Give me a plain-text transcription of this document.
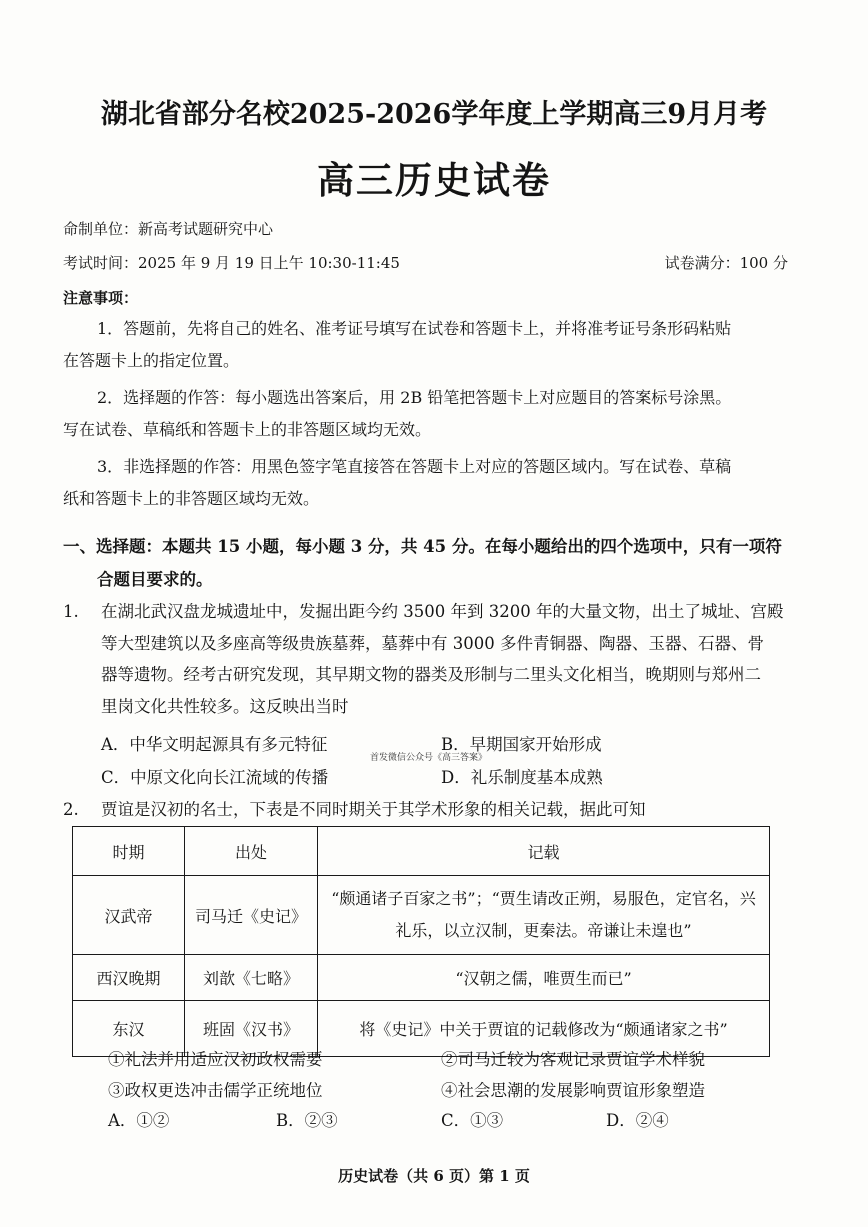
湖北省部分名校2025-2026学年度上学期高三9月月考
高三历史试卷
命制单位：新高考试题研究中心
考试时间：2025 年 9 月 19 日上午 10:30-11:45	试卷满分：100 分
注意事项：
1．答题前，先将自己的姓名、准考证号填写在试卷和答题卡上，并将准考证号条形码粘贴
在答题卡上的指定位置。
2．选择题的作答：每小题选出答案后，用 2B 铅笔把答题卡上对应题目的答案标号涂黑。
写在试卷、草稿纸和答题卡上的非答题区域均无效。
3．非选择题的作答：用黑色签字笔直接答在答题卡上对应的答题区域内。写在试卷、草稿
纸和答题卡上的非答题区域均无效。
一、选择题：本题共 15 小题，每小题 3 分，共 45 分。在每小题给出的四个选项中，只有一项符
合题目要求的。
1. 在湖北武汉盘龙城遗址中，发掘出距今约 3500 年到 3200 年的大量文物，出土了城址、宫殿
等大型建筑以及多座高等级贵族墓葬，墓葬中有 3000 多件青铜器、陶器、玉器、石器、骨
器等遗物。经考古研究发现，其早期文物的器类及形制与二里头文化相当，晚期则与郑州二
里岗文化共性较多。这反映出当时
A．中华文明起源具有多元特征	B．早期国家开始形成
首发微信公众号《高三答案》
C．中原文化向长江流域的传播	D．礼乐制度基本成熟
2. 贾谊是汉初的名士，下表是不同时期关于其学术形象的相关记载，据此可知
时期	出处	记载
汉武帝	司马迁《史记》	“颇通诸子百家之书”；“贾生请改正朔，易服色，定官名，兴礼乐，以立汉制，更秦法。帝谦让未遑也”
西汉晚期	刘歆《七略》	“汉朝之儒，唯贾生而已”
东汉	班固《汉书》	将《史记》中关于贾谊的记载修改为“颇通诸家之书”
①礼法并用适应汉初政权需要	②司马迁较为客观记录贾谊学术样貌
③政权更迭冲击儒学正统地位	④社会思潮的发展影响贾谊形象塑造
A．①②	B．②③	C．①③	D．②④
历史试卷（共 6 页）第 1 页
